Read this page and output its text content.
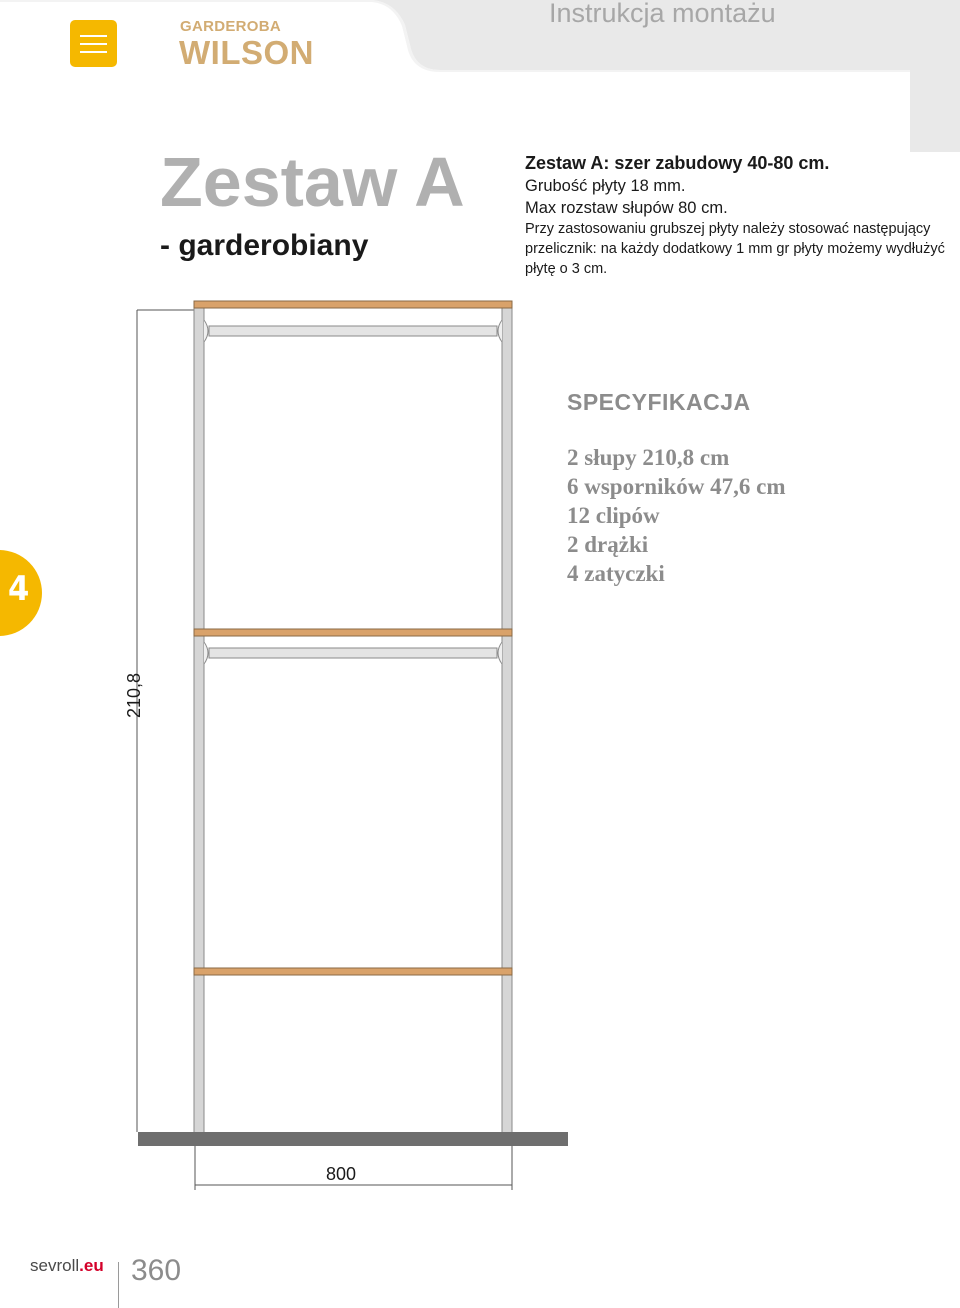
GARDEROBA
WILSON
Instrukcja montażu
Zestaw A
- garderobiany
Zestaw A: szer zabudowy 40-80 cm.
Grubość płyty 18 mm.
Max rozstaw słupów 80 cm.
Przy zastosowaniu grubszej płyty należy stosować następujący przelicznik: na każdy dodatkowy 1 mm gr płyty możemy wydłużyć płytę o 3 cm.
210,8
800
SPECYFIKACJA
2 słupy 210,8 cm
6 wsporników 47,6 cm
12 clipów
2 drążki
4 zatyczki
4
sevroll.eu 360
